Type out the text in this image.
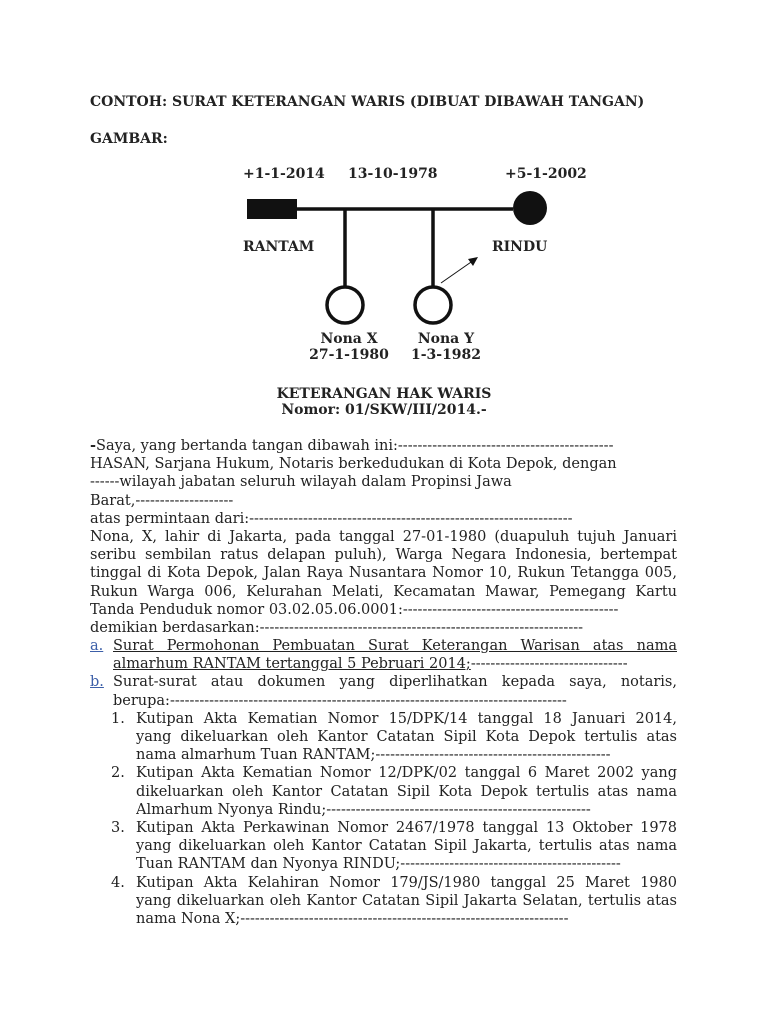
CONTOH: SURAT KETERANGAN WARIS (DIBUAT DIBAWAH TANGAN)
GAMBAR:
+1-1-2014 13-10-1978	+5-1-2002
RANTAM	RINDU
Nona X
27-1-1980
Nona Y
1-3-1982
KETERANGAN HAK WARIS
Nomor: 01/SKW/III/2014.-
-Saya, yang bertanda tangan dibawah ini:--------------------------------------------
HASAN, Sarjana Hukum, Notaris berkedudukan di Kota Depok, dengan
------wilayah jabatan seluruh wilayah dalam Propinsi Jawa
Barat,--------------------
atas permintaan dari:------------------------------------------------------------------
Nona, X, lahir di Jakarta, pada tanggal 27-01-1980 (duapuluh tujuh Januari
seribu sembilan ratus delapan puluh), Warga Negara Indonesia, bertempat
tinggal di Kota Depok, Jalan Raya Nusantara Nomor 10, Rukun Tetangga 005,
Rukun Warga 006, Kelurahan Melati, Kecamatan Mawar, Pemegang Kartu
Tanda Penduduk nomor 03.02.05.06.0001:--------------------------------------------
demikian berdasarkan:------------------------------------------------------------------
a. Surat Permohonan Pembuatan Surat Keterangan Warisan atas nama
almarhum RANTAM tertanggal 5 Pebruari 2014;--------------------------------
b. Surat-surat atau dokumen yang diperlihatkan kepada saya, notaris,
berupa:---------------------------------------------------------------------------------
1. Kutipan Akta Kematian Nomor 15/DPK/14 tanggal 18 Januari 2014,
yang dikeluarkan oleh Kantor Catatan Sipil Kota Depok tertulis atas
nama almarhum Tuan RANTAM;------------------------------------------------
2. Kutipan Akta Kematian Nomor 12/DPK/02 tanggal 6 Maret 2002 yang
dikeluarkan oleh Kantor Catatan Sipil Kota Depok tertulis atas nama
Almarhum Nyonya Rindu;------------------------------------------------------
3. Kutipan Akta Perkawinan Nomor 2467/1978 tanggal 13 Oktober 1978
yang dikeluarkan oleh Kantor Catatan Sipil Jakarta, tertulis atas nama
Tuan RANTAM dan Nyonya RINDU;---------------------------------------------
4. Kutipan Akta Kelahiran Nomor 179/JS/1980 tanggal 25 Maret 1980
yang dikeluarkan oleh Kantor Catatan Sipil Jakarta Selatan, tertulis atas
nama Nona X;-------------------------------------------------------------------
